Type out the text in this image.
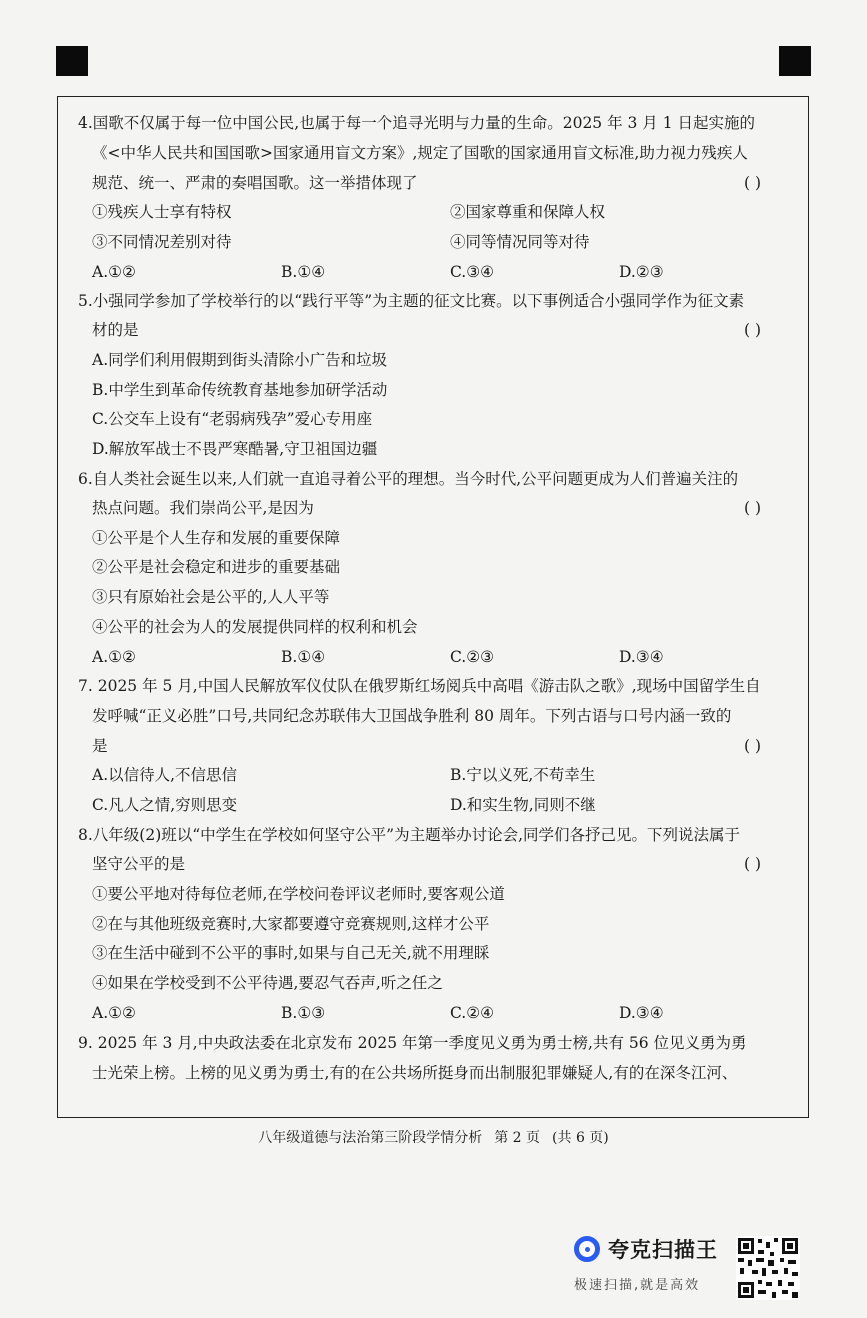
4.国歌不仅属于每一位中国公民,也属于每一个追寻光明与力量的生命。2025 年 3 月 1 日起实施的
《<中华人民共和国国歌>国家通用盲文方案》,规定了国歌的国家通用盲文标准,助力视力残疾人
规范、统一、严肃的奏唱国歌。这一举措体现了	( )
①残疾人士享有特权	②国家尊重和保障人权
③不同情况差别对待	④同等情况同等对待
A.①②	B.①④	C.③④	D.②③
5.小强同学参加了学校举行的以“践行平等”为主题的征文比赛。以下事例适合小强同学作为征文素
材的是	( )
A.同学们利用假期到街头清除小广告和垃圾
B.中学生到革命传统教育基地参加研学活动
C.公交车上设有“老弱病残孕”爱心专用座
D.解放军战士不畏严寒酷暑,守卫祖国边疆
6.自人类社会诞生以来,人们就一直追寻着公平的理想。当今时代,公平问题更成为人们普遍关注的
热点问题。我们崇尚公平,是因为	( )
①公平是个人生存和发展的重要保障
②公平是社会稳定和进步的重要基础
③只有原始社会是公平的,人人平等
④公平的社会为人的发展提供同样的权利和机会
A.①②	B.①④	C.②③	D.③④
7. 2025 年 5 月,中国人民解放军仪仗队在俄罗斯红场阅兵中高唱《游击队之歌》,现场中国留学生自
发呼喊“正义必胜”口号,共同纪念苏联伟大卫国战争胜利 80 周年。下列古语与口号内涵一致的
是	( )
A.以信待人,不信思信	B.宁以义死,不苟幸生
C.凡人之情,穷则思变	D.和实生物,同则不继
8.八年级(2)班以“中学生在学校如何坚守公平”为主题举办讨论会,同学们各抒己见。下列说法属于
坚守公平的是	( )
①要公平地对待每位老师,在学校问卷评议老师时,要客观公道
②在与其他班级竞赛时,大家都要遵守竞赛规则,这样才公平
③在生活中碰到不公平的事时,如果与自己无关,就不用理睬
④如果在学校受到不公平待遇,要忍气吞声,听之任之
A.①②	B.①③	C.②④	D.③④
9. 2025 年 3 月,中央政法委在北京发布 2025 年第一季度见义勇为勇士榜,共有 56 位见义勇为勇
士光荣上榜。上榜的见义勇为勇士,有的在公共场所挺身而出制服犯罪嫌疑人,有的在深冬江河、
八年级道德与法治第三阶段学情分析 第 2 页 (共 6 页)
夸克扫描王
极速扫描,就是高效
